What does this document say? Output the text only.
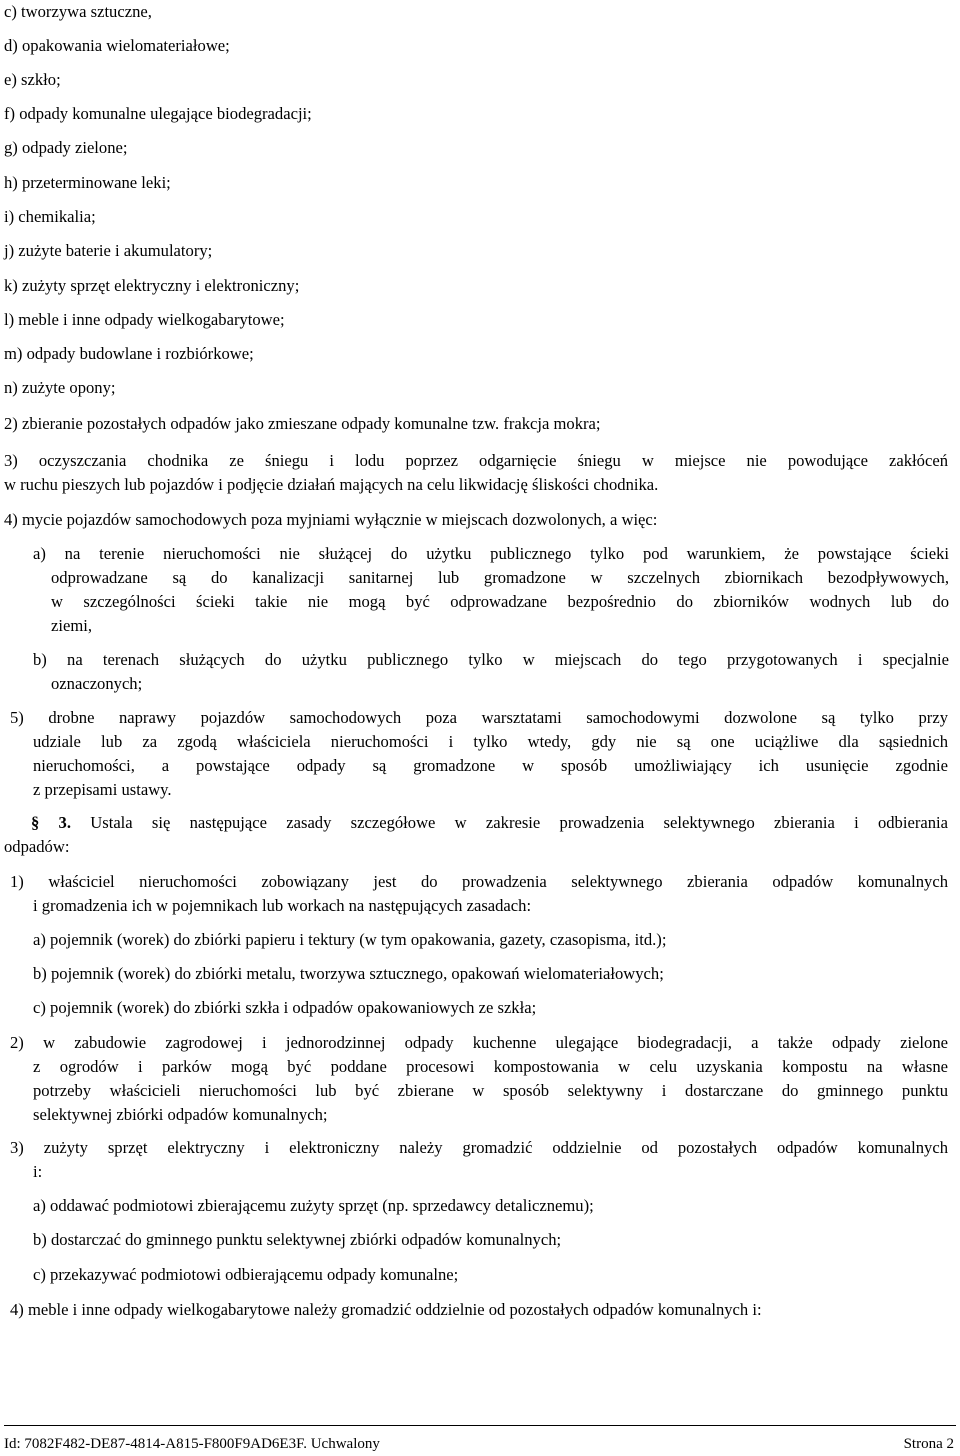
c) tworzywa sztuczne,
d) opakowania wielomateriałowe;
e) szkło;
f) odpady komunalne ulegające biodegradacji;
g) odpady zielone;
h) przeterminowane leki;
i) chemikalia;
j) zużyte baterie i akumulatory;
k) zużyty sprzęt elektryczny i elektroniczny;
l) meble i inne odpady wielkogabarytowe;
m) odpady budowlane i rozbiórkowe;
n) zużyte opony;
2) zbieranie pozostałych odpadów jako zmieszane odpady komunalne tzw. frakcja mokra;
3) oczyszczania chodnika ze śniegu i lodu poprzez odgarnięcie śniegu w miejsce nie powodujące zakłóceń
w ruchu pieszych lub pojazdów i podjęcie działań mających na celu likwidację śliskości chodnika.
4) mycie pojazdów samochodowych poza myjniami wyłącznie w miejscach dozwolonych, a więc:
a) na terenie nieruchomości nie służącej do użytku publicznego tylko pod warunkiem, że powstające ścieki
odprowadzane są do kanalizacji sanitarnej lub gromadzone w szczelnych zbiornikach bezodpływowych,
w szczególności ścieki takie nie mogą być odprowadzane bezpośrednio do zbiorników wodnych lub do
ziemi,
b) na terenach służących do użytku publicznego tylko w miejscach do tego przygotowanych i specjalnie
oznaczonych;
5) drobne naprawy pojazdów samochodowych poza warsztatami samochodowymi dozwolone są tylko przy
udziale lub za zgodą właściciela nieruchomości i tylko wtedy, gdy nie są one uciążliwe dla sąsiednich
nieruchomości, a powstające odpady są gromadzone w sposób umożliwiający ich usunięcie zgodnie
z przepisami ustawy.
§ 3. Ustala się następujące zasady szczegółowe w zakresie prowadzenia selektywnego zbierania i odbierania
odpadów:
1) właściciel nieruchomości zobowiązany jest do prowadzenia selektywnego zbierania odpadów komunalnych
i gromadzenia ich w pojemnikach lub workach na następujących zasadach:
a) pojemnik (worek) do zbiórki papieru i tektury (w tym opakowania, gazety, czasopisma, itd.);
b) pojemnik (worek) do zbiórki metalu, tworzywa sztucznego, opakowań wielomateriałowych;
c) pojemnik (worek) do zbiórki szkła i odpadów opakowaniowych ze szkła;
2) w zabudowie zagrodowej i jednorodzinnej odpady kuchenne ulegające biodegradacji, a także odpady zielone
z ogrodów i parków mogą być poddane procesowi kompostowania w celu uzyskania kompostu na własne
potrzeby właścicieli nieruchomości lub być zbierane w sposób selektywny i dostarczane do gminnego punktu
selektywnej zbiórki odpadów komunalnych;
3) zużyty sprzęt elektryczny i elektroniczny należy gromadzić oddzielnie od pozostałych odpadów komunalnych
i:
a) oddawać podmiotowi zbierającemu zużyty sprzęt (np. sprzedawcy detalicznemu);
b) dostarczać do gminnego punktu selektywnej zbiórki odpadów komunalnych;
c) przekazywać podmiotowi odbierającemu odpady komunalne;
4) meble i inne odpady wielkogabarytowe należy gromadzić oddzielnie od pozostałych odpadów komunalnych i:
Id: 7082F482-DE87-4814-A815-F800F9AD6E3F. Uchwalony	Strona 2
